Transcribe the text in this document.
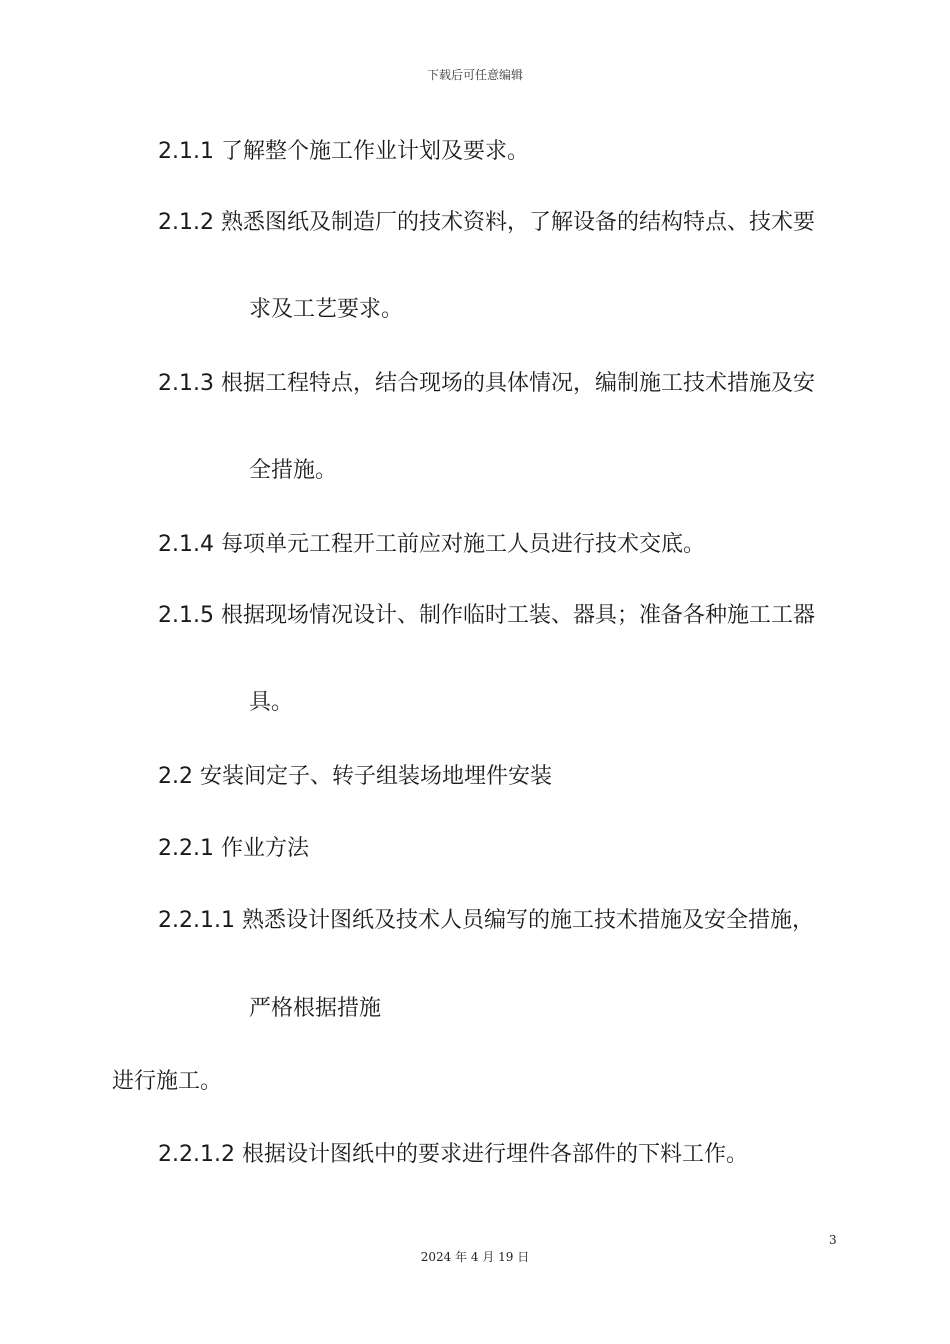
下载后可任意编辑
2.1.1 了解整个施工作业计划及要求。
2.1.2 熟悉图纸及制造厂的技术资料，了解设备的结构特点、技术要
求及工艺要求。
2.1.3 根据工程特点，结合现场的具体情况，编制施工技术措施及安
全措施。
2.1.4 每项单元工程开工前应对施工人员进行技术交底。
2.1.5 根据现场情况设计、制作临时工装、器具；准备各种施工工器
具。
2.2 安装间定子、转子组装场地埋件安装
2.2.1 作业方法
2.2.1.1 熟悉设计图纸及技术人员编写的施工技术措施及安全措施，
严格根据措施
进行施工。
2.2.1.2 根据设计图纸中的要求进行埋件各部件的下料工作。
3
2024 年 4 月 19 日
